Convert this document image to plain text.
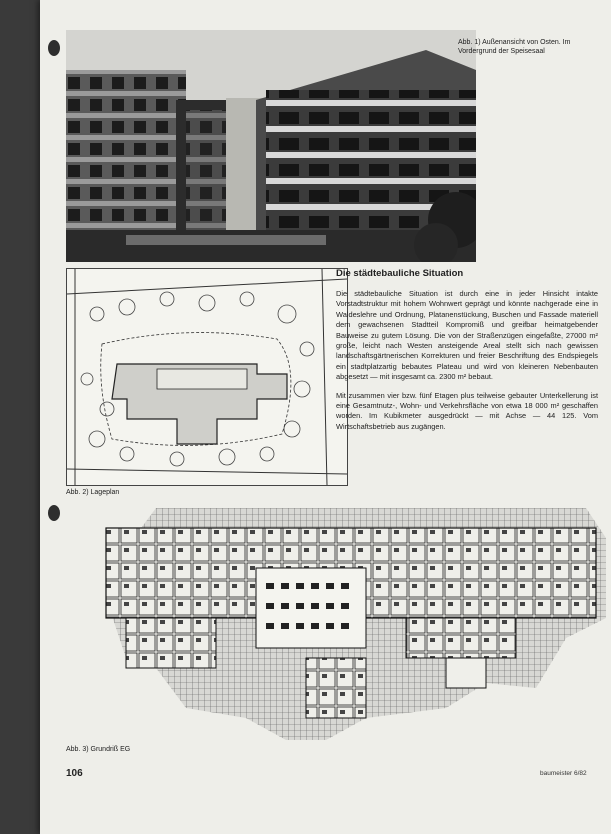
Abb. 1) Außenansicht von Osten. Im Vordergrund der Speisesaal
Abb. 2) Lageplan

Die städtebauliche Situation

Die städtebauliche Situation ist durch eine in jeder Hinsicht intakte Vorstadtstruktur mit hohem Wohnwert geprägt und könnte nachgerade eine in Waldeslehre und Ordnung, Platanenstückung, Buschen und Fassade materiell dem gewachsenen Stadtteil Kompromiß und greifbar heimatgebender Bauweise zu gutem Lösung. Die von der Straßenzügen eingefaßte, 27000 m² große, leicht nach Westen ansteigende Areal stellt sich nach gewissen landschaftsgärtnerischen Korrekturen und freier Beschriftung des Endspiegels ein stadtplatzartig bebautes Plateau und wird von kleineren Nebenbauten abgesetzt — mit insgesamt ca. 2300 m² bebaut.

Mit zusammen vier bzw. fünf Etagen plus teilweise gebauter Unterkellerung ist eine Gesamtnutz-, Wohn- und Verkehrsfläche von etwa 18 000 m² geschaffen worden. Im Kubikmeter ausgedrückt — mit Achse — 44 125. Vom Wirtschaftsbetrieb aus zugängen.

Abb. 3) Grundriß EG
106	baumeister 6/82
